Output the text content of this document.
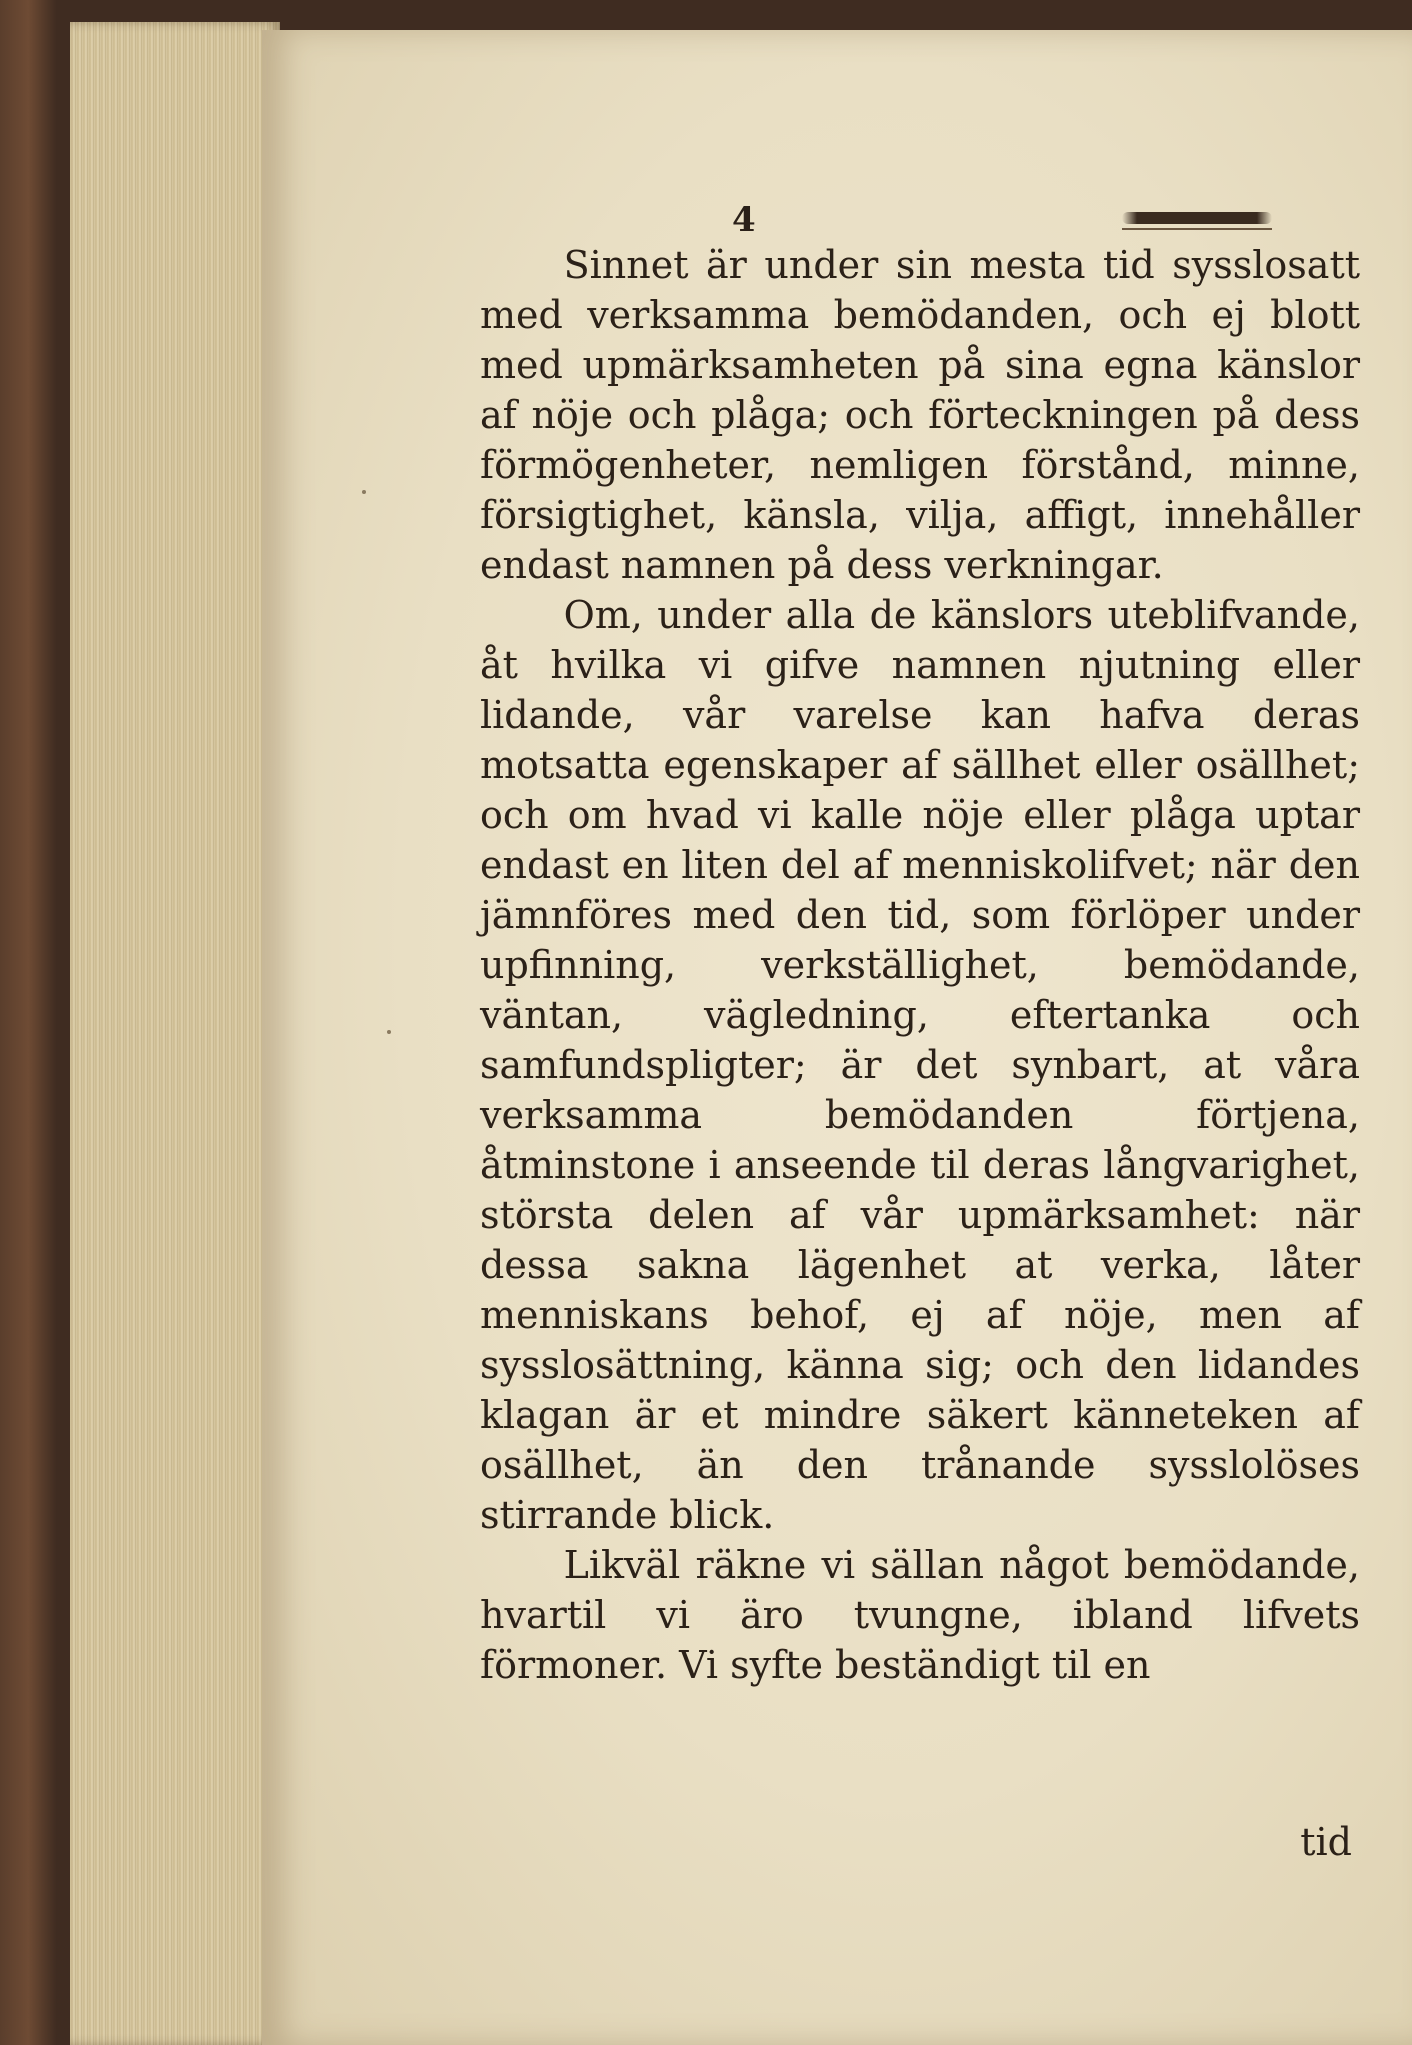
4

Sinnet är under sin mesta tid sysslosatt med verksamma bemödanden, och ej blott med upmärksamheten på sina egna känslor af nöje och plåga; och förteckningen på dess förmögenheter, nemligen förstånd, minne, försigtighet, känsla, vilja, affigt, innehåller endast namnen på dess verkningar.

Om, under alla de känslors uteblifvande, åt hvilka vi gifve namnen njutning eller lidande, vår varelse kan hafva deras motsatta egenskaper af sällhet eller osällhet; och om hvad vi kalle nöje eller plåga uptar endast en liten del af menniskolifvet; när den jämnföres med den tid, som förlöper under upfinning, verkställighet, bemödande, väntan, vägledning, eftertanka och samfundspligter; är det synbart, at våra verksamma bemödanden förtjena, åtminstone i anseende til deras långvarighet, största delen af vår upmärksamhet: när dessa sakna lägenhet at verka, låter menniskans behof, ej af nöje, men af sysslosättning, känna sig; och den lidandes klagan är et mindre säkert känneteken af osällhet, än den trånande sysslolöses stirrande blick.

Likväl räkne vi sällan något bemödande, hvartil vi äro tvungne, ibland lifvets förmoner. Vi syfte beständigt til en

tid
